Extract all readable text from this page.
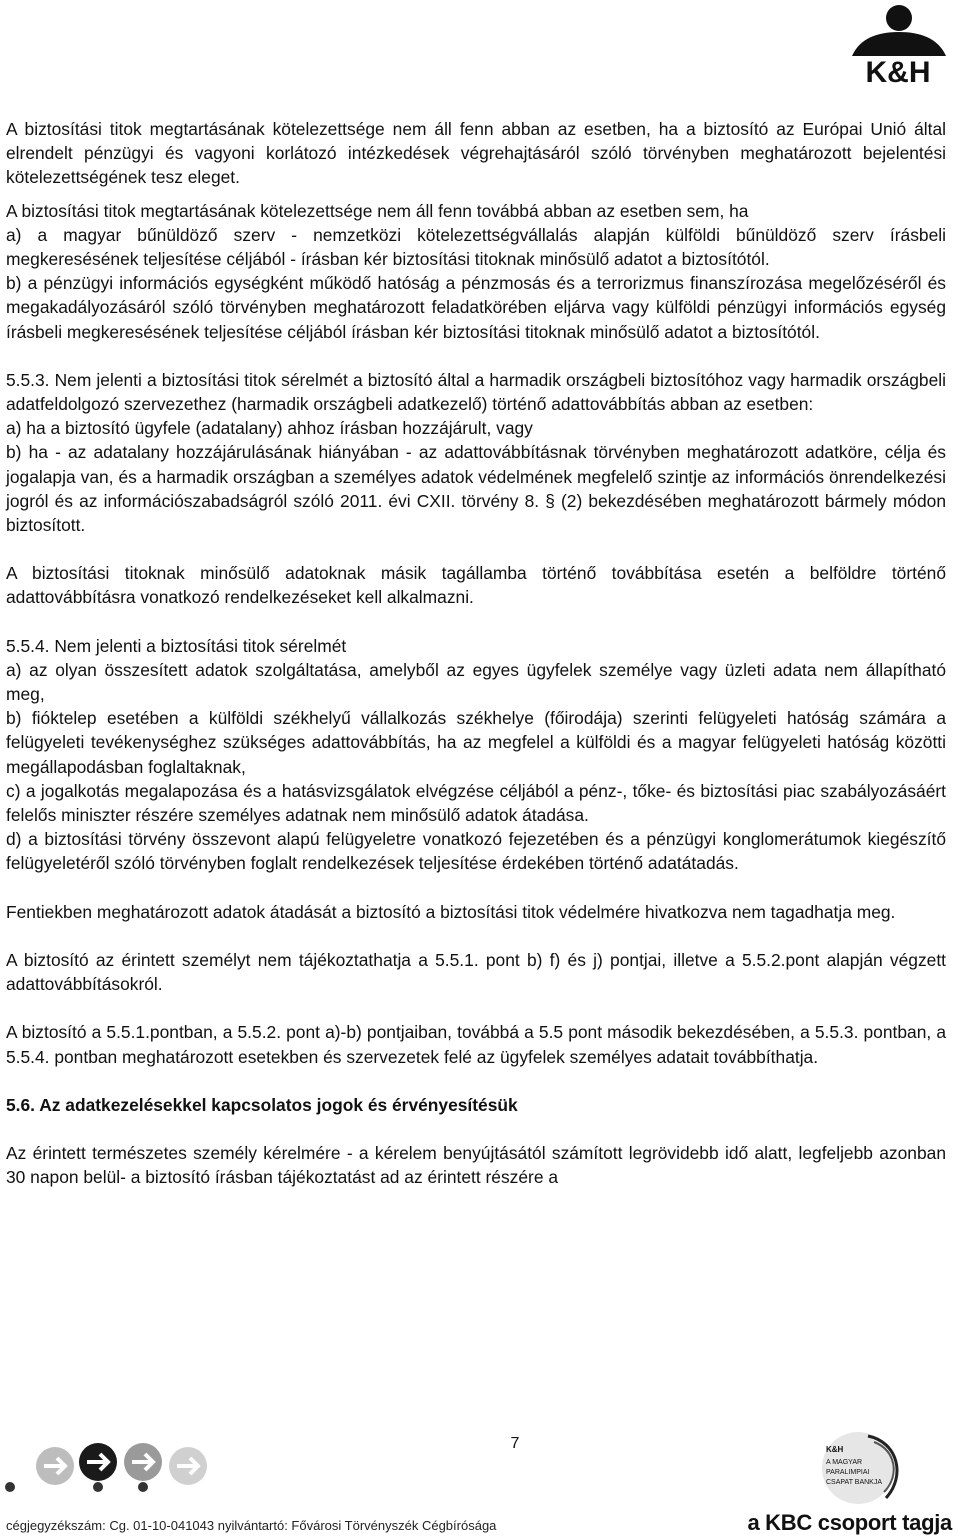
K&H

A biztosítási titok megtartásának kötelezettsége nem áll fenn abban az esetben, ha a biztosító az Európai Unió által elrendelt pénzügyi és vagyoni korlátozó intézkedések végrehajtásáról szóló törvényben meghatározott bejelentési kötelezettségének tesz eleget.

A biztosítási titok megtartásának kötelezettsége nem áll fenn továbbá abban az esetben sem, ha

a) a magyar bűnüldöző szerv - nemzetközi kötelezettségvállalás alapján külföldi bűnüldöző szerv írásbeli megkeresésének teljesítése céljából - írásban kér biztosítási titoknak minősülő adatot a biztosítótól.

b) a pénzügyi információs egységként működő hatóság a pénzmosás és a terrorizmus finanszírozása megelőzéséről és megakadályozásáról szóló törvényben meghatározott feladatkörében eljárva vagy külföldi pénzügyi információs egység írásbeli megkeresésének teljesítése céljából írásban kér biztosítási titoknak minősülő adatot a biztosítótól.

5.5.3. Nem jelenti a biztosítási titok sérelmét a biztosító által a harmadik országbeli biztosítóhoz vagy harmadik országbeli adatfeldolgozó szervezethez (harmadik országbeli adatkezelő) történő adattovábbítás abban az esetben:

a) ha a biztosító ügyfele (adatalany) ahhoz írásban hozzájárult, vagy

b) ha - az adatalany hozzájárulásának hiányában - az adattovábbításnak törvényben meghatározott adatköre, célja és jogalapja van, és a harmadik országban a személyes adatok védelmének megfelelő szintje az információs önrendelkezési jogról és az információszabadságról szóló 2011. évi CXII. törvény 8. § (2) bekezdésében meghatározott bármely módon biztosított.

A biztosítási titoknak minősülő adatoknak másik tagállamba történő továbbítása esetén a belföldre történő adattovábbításra vonatkozó rendelkezéseket kell alkalmazni.

5.5.4. Nem jelenti a biztosítási titok sérelmét

a) az olyan összesített adatok szolgáltatása, amelyből az egyes ügyfelek személye vagy üzleti adata nem állapítható meg,

b) fióktelep esetében a külföldi székhelyű vállalkozás székhelye (főirodája) szerinti felügyeleti hatóság számára a felügyeleti tevékenységhez szükséges adattovábbítás, ha az megfelel a külföldi és a magyar felügyeleti hatóság közötti megállapodásban foglaltaknak,

c) a jogalkotás megalapozása és a hatásvizsgálatok elvégzése céljából a pénz-, tőke- és biztosítási piac szabályozásáért felelős miniszter részére személyes adatnak nem minősülő adatok átadása.

d) a biztosítási törvény összevont alapú felügyeletre vonatkozó fejezetében és a pénzügyi konglomerátumok kiegészítő felügyeletéről szóló törvényben foglalt rendelkezések teljesítése érdekében történő adatátadás.

Fentiekben meghatározott adatok átadását a biztosító a biztosítási titok védelmére hivatkozva nem tagadhatja meg.

A biztosító az érintett személyt nem tájékoztathatja a 5.5.1. pont b) f) és j) pontjai, illetve a 5.5.2.pont alapján végzett adattovábbításokról.

A biztosító a 5.5.1.pontban, a 5.5.2. pont a)-b) pontjaiban, továbbá a 5.5 pont második bekezdésében, a 5.5.3. pontban, a 5.5.4. pontban meghatározott esetekben és szervezetek felé az ügyfelek személyes adatait továbbíthatja.

5.6. Az adatkezelésekkel kapcsolatos jogok és érvényesítésük

Az érintett természetes személy kérelmére - a kérelem benyújtásától számított legrövidebb idő alatt, legfeljebb azonban 30 napon belül- a biztosító írásban tájékoztatást ad az érintett részére a

7	K&H
A MAGYAR
PARALIMPIAI
CSAPAT BANKJA
cégjegyzékszám: Cg. 01-10-041043 nyilvántartó: Fővárosi Törvényszék Cégbírósága	a KBC csoport tagja
